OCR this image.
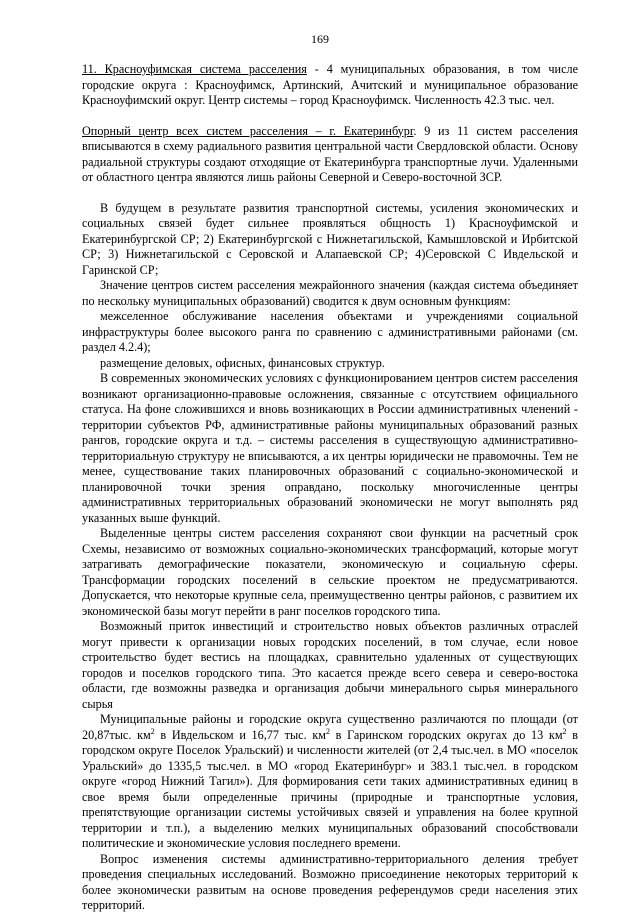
169

11. Красноуфимская система расселения - 4 муниципальных образования, в том числе городские округа : Красноуфимск, Артинский, Ачитский и муниципальное образование Красноуфимский округ. Центр системы – город Красноуфимск. Численность 42.3 тыс. чел.

Опорный центр всех систем расселения – г. Екатеринбург. 9 из 11 систем расселения вписываются в схему радиального развития центральной части Свердловской области. Основу радиальной структуры создают отходящие от Екатеринбурга транспортные лучи. Удаленными от областного центра являются лишь районы Северной и Северо-восточной ЗСР.

В будущем в результате развития транспортной системы, усиления экономических и социальных связей будет сильнее проявляться общность 1) Красноуфимской и Екатеринбургской СР; 2) Екатеринбургской с Нижнетагильской, Камышловской и Ирбитской СР; 3) Нижнетагильской с Серовской и Алапаевской СР; 4)Серовской С Ивдельской и Гаринской СР;

Значение центров систем расселения межрайонного значения (каждая система объединяет по нескольку муниципальных образований) сводится к двум основным функциям:

межселенное обслуживание населения объектами и учреждениями социальной инфраструктуры более высокого ранга по сравнению с административными районами (см. раздел 4.2.4);

размещение деловых, офисных, финансовых структур.

В современных экономических условиях с функционированием центров систем расселения возникают организационно-правовые осложнения, связанные с отсутствием официального статуса. На фоне сложившихся и вновь возникающих в России административных членений - территории субъектов РФ, административные районы муниципальных образований разных рангов, городские округа и т.д. – системы расселения в существующую административно-территориальную структуру не вписываются, а их центры юридически не правомочны. Тем не менее, существование таких планировочных образований с социально-экономической и планировочной точки зрения оправдано, поскольку многочисленные центры административных территориальных образований экономически не могут выполнять ряд указанных выше функций.

Выделенные центры систем расселения сохраняют свои функции на расчетный срок Схемы, независимо от возможных социально-экономических трансформаций, которые могут затрагивать демографические показатели, экономическую и социальную сферы. Трансформации городских поселений в сельские проектом не предусматриваются. Допускается, что некоторые крупные села, преимущественно центры районов, с развитием их экономической базы могут перейти в ранг поселков городского типа.

Возможный приток инвестиций и строительство новых объектов различных отраслей могут привести к организации новых городских поселений, в том случае, если новое строительство будет вестись на площадках, сравнительно удаленных от существующих городов и поселков городского типа. Это касается прежде всего севера и северо-востока области, где возможны разведка и организация добычи минерального сырья минерального сырья

Муниципальные районы и городские округа существенно различаются по площади (от 20,87тыс. $км^2$ в Ивдельском и 16,77 тыс. $км^2$ в Гаринском городских округах до 13 $км^2$ в городском округе Поселок Уральский) и численности жителей (от 2,4 тыс.чел. в МО «поселок Уральский» до 1335,5 тыс.чел. в МО «город Екатеринбург» и 383.1 тыс.чел. в городском округе «город Нижний Тагил»). Для формирования сети таких административных единиц в свое время были определенные причины (природные и транспортные условия, препятствующие организации системы устойчивых связей и управления на более крупной территории и т.п.), а выделению мелких муниципальных образований способствовали политические и экономические условия последнего времени.

Вопрос изменения системы административно-территориального деления требует проведения специальных исследований. Возможно присоединение некоторых территорий к более экономически развитым на основе проведения референдумов среди населения этих территорий.
